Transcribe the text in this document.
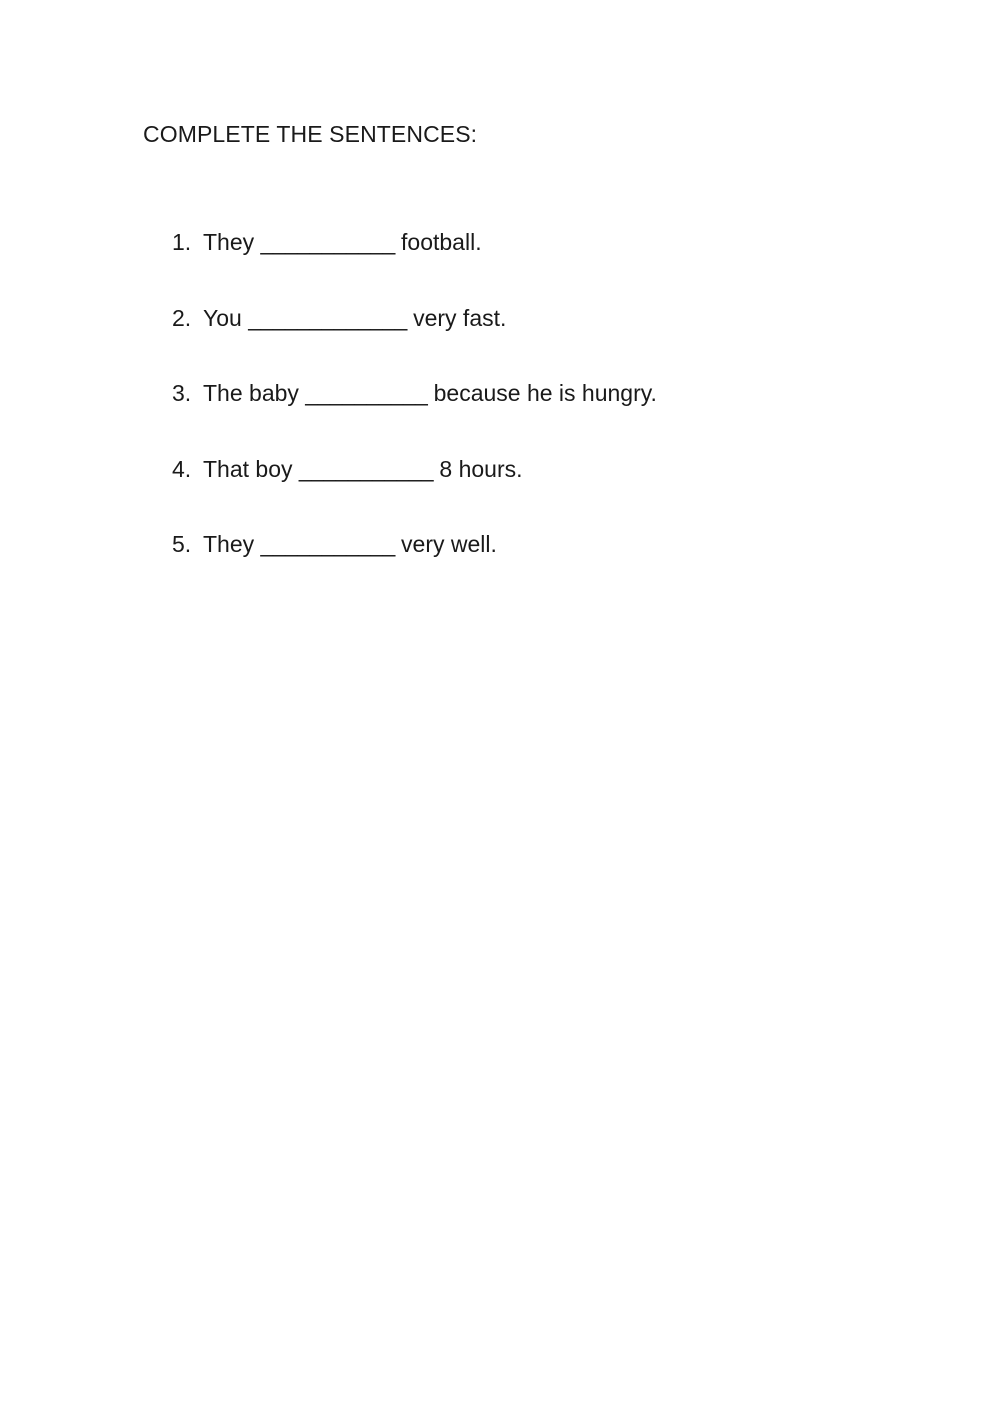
COMPLETE THE SENTENCES:
1. They
___________
football.
2. You
_____________
very fast.
3. The baby
__________
because he is hungry.
4. That boy
___________
8 hours.
5. They
___________
very well.
